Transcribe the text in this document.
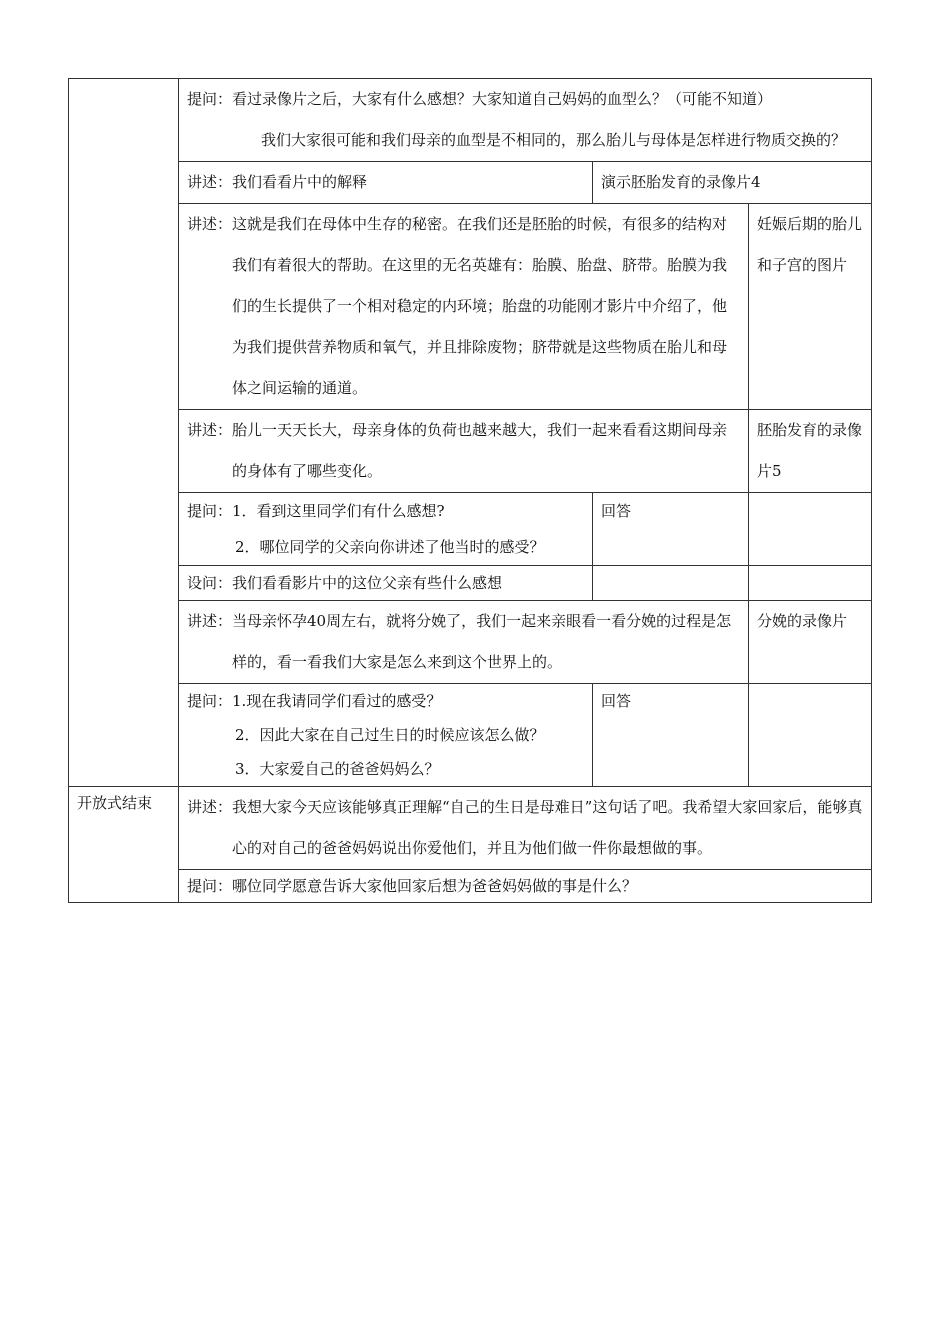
	提问： 看过录像片之后，大家有什么感想？大家知道自己妈妈的血型么？（可能不知道）
我们大家很可能和我们母亲的血型是不相同的，那么胎儿与母体是怎样进行物质交换的？		

	讲述： 我们看看片中的解释	演示胚胎发育的录像片4	

	讲述： 这就是我们在母体中生存的秘密。在我们还是胚胎的时候，有很多的结构对我们有着很大的帮助。在这里的无名英雄有：胎膜、胎盘、脐带。胎膜为我们的生长提供了一个相对稳定的内环境；胎盘的功能刚才影片中介绍了，他为我们提供营养物质和氧气，并且排除废物；脐带就是这些物质在胎儿和母体之间运输的通道。		妊娠后期的胎儿和子宫的图片

	讲述： 胎儿一天天长大，母亲身体的负荷也越来越大，我们一起来看看这期间母亲的身体有了哪些变化。		胚胎发育的录像片5

	提问： 1．看到这里同学们有什么感想?
2．哪位同学的父亲向你讲述了他当时的感受？	回答	

	设问： 我们看看影片中的这位父亲有些什么感想		

	讲述： 当母亲怀孕40周左右，就将分娩了，我们一起来亲眼看一看分娩的过程是怎样的，看一看我们大家是怎么来到这个世界上的。		分娩的录像片

	提问： 1.现在我请同学们看过的感受？
2．因此大家在自己过生日的时候应该怎么做？
3．大家爱自己的爸爸妈妈么？	回答	
开放式结束	讲述： 我想大家今天应该能够真正理解“自己的生日是母难日”这句话了吧。我希望大家回家后，能够真心的对自己的爸爸妈妈说出你爱他们，并且为他们做一件你最想做的事。		

	提问： 哪位同学愿意告诉大家他回家后想为爸爸妈妈做的事是什么？		
